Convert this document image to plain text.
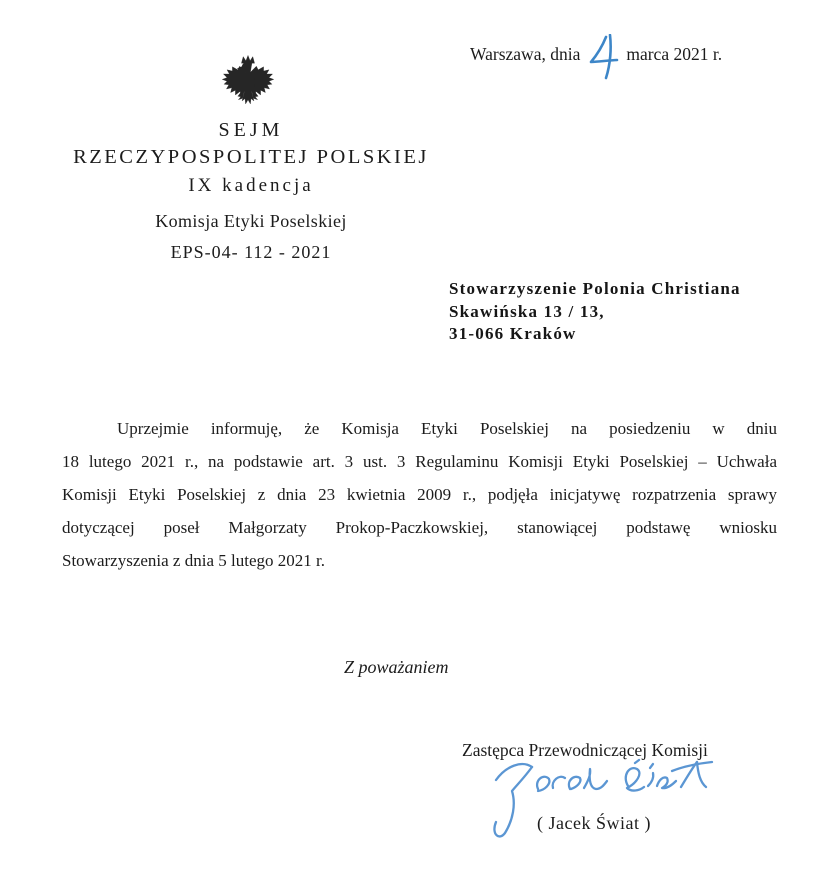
Warszawa, dnia	marca 2021 r.
SEJM
RZECZYPOSPOLITEJ POLSKIEJ
IX kadencja
Komisja Etyki Poselskiej
EPS-04- 112 - 2021
Stowarzyszenie Polonia Christiana
Skawińska 13 / 13,
31-066 Kraków
Uprzejmie informuję, że Komisja Etyki Poselskiej na posiedzeniu w dniu
18 lutego 2021 r., na podstawie art. 3 ust. 3 Regulaminu Komisji Etyki Poselskiej – Uchwała
Komisji Etyki Poselskiej z dnia 23 kwietnia 2009 r., podjęła inicjatywę rozpatrzenia sprawy
dotyczącej poseł Małgorzaty Prokop-Paczkowskiej, stanowiącej podstawę wniosku
Stowarzyszenia z dnia 5 lutego 2021 r.
Z poważaniem
Zastępca Przewodniczącej Komisji
( Jacek Świat )
